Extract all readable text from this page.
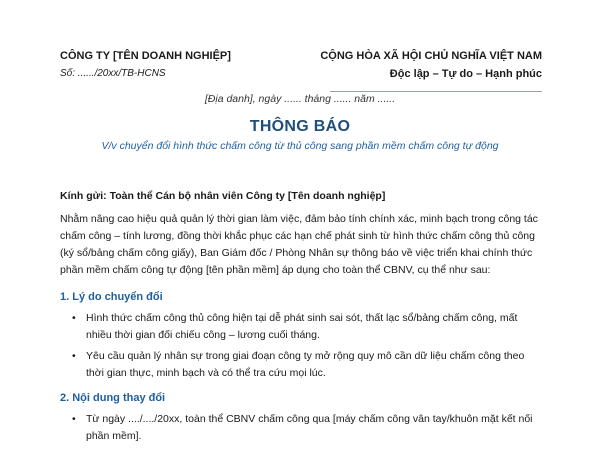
CÔNG TY [TÊN DOANH NGHIỆP]
Số: ....../20xx/TB-HCNS
CỘNG HÒA XÃ HỘI CHỦ NGHĨA VIỆT NAM
Độc lập – Tự do – Hạnh phúc
[Địa danh], ngày ...... tháng ...... năm ......
THÔNG BÁO
V/v chuyển đổi hình thức chấm công từ thủ công sang phần mềm chấm công tự động

Kính gửi: Toàn thể Cán bộ nhân viên Công ty [Tên doanh nghiệp]

Nhằm nâng cao hiệu quả quản lý thời gian làm việc, đảm bảo tính chính xác, minh bạch trong công tác chấm công – tính lương, đồng thời khắc phục các hạn chế phát sinh từ hình thức chấm công thủ công (ký sổ/bảng chấm công giấy), Ban Giám đốc / Phòng Nhân sự thông báo về việc triển khai chính thức phần mềm chấm công tự động [tên phần mềm] áp dụng cho toàn thể CBNV, cụ thể như sau:

1. Lý do chuyển đổi
• Hình thức chấm công thủ công hiện tại dễ phát sinh sai sót, thất lạc sổ/bảng chấm công, mất nhiều thời gian đối chiếu công – lương cuối tháng.
• Yêu cầu quản lý nhân sự trong giai đoạn công ty mở rộng quy mô cần dữ liệu chấm công theo thời gian thực, minh bạch và có thể tra cứu mọi lúc.
2. Nội dung thay đổi
• Từ ngày ..../..../20xx, toàn thể CBNV chấm công qua [máy chấm công vân tay/khuôn mặt kết nối phần mềm].
